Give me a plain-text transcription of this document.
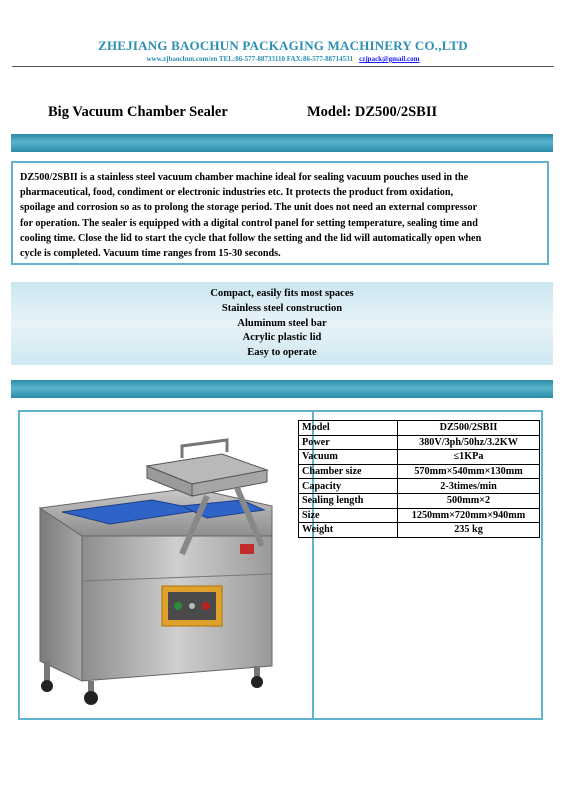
ZHEJIANG BAOCHUN PACKAGING MACHINERY CO.,LTD
www.zjbaochun.com/en TEL:86-577-88733110 FAX:86-577-88714531 czjpack@gmail.com
Big Vacuum Chamber Sealer	Model: DZ500/2SBII
DZ500/2SBII is a stainless steel vacuum chamber machine ideal for sealing vacuum pouches used in the
pharmaceutical, food, condiment or electronic industries etc. It protects the product from oxidation,
spoilage and corrosion so as to prolong the storage period. The unit does not need an external compressor
for operation. The sealer is equipped with a digital control panel for setting temperature, sealing time and
cooling time. Close the lid to start the cycle that follow the setting and the lid will automatically open when
cycle is completed. Vacuum time ranges from 15-30 seconds.
Compact, easily fits most spaces
Stainless steel construction
Aluminum steel bar
Acrylic plastic lid
Easy to operate
Model	DZ500/2SBII
Power	380V/3ph/50hz/3.2KW
Vacuum	≤1KPa
Chamber size	570mm×540mm×130mm
Capacity	2-3times/min
Sealing length	500mm×2
Size	1250mm×720mm×940mm
Weight	235 kg
